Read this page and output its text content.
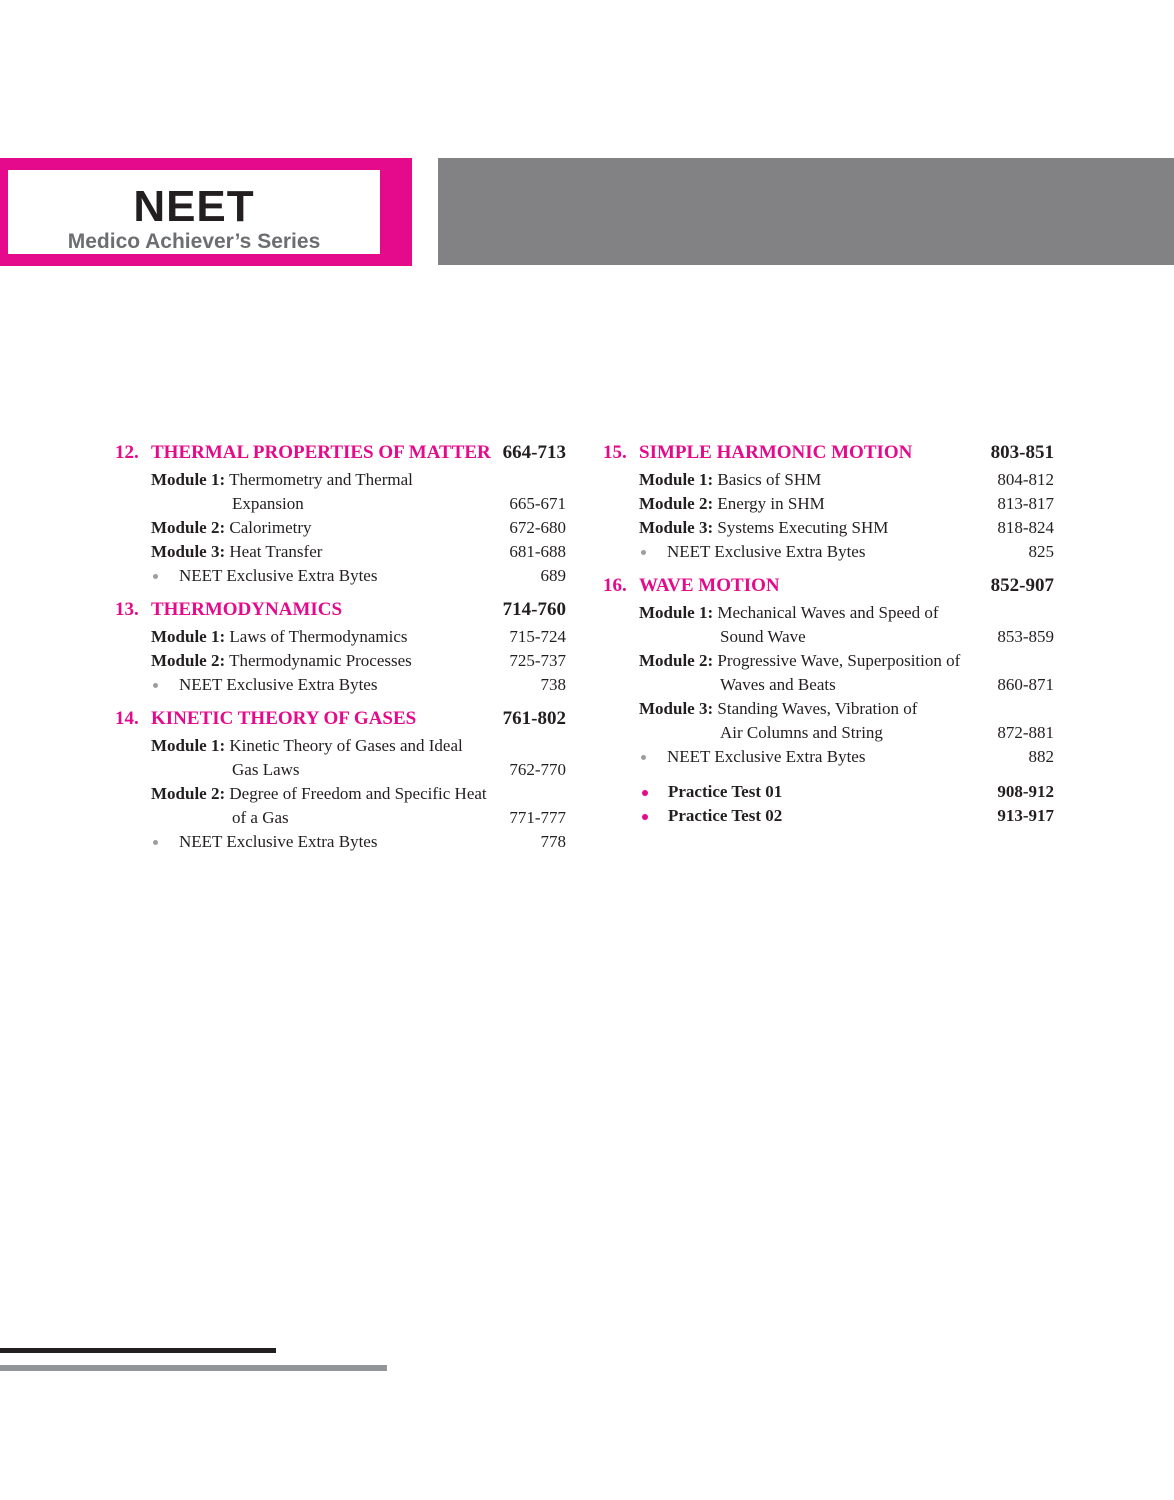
NEET
Medico Achiever’s Series
12. THERMAL PROPERTIES OF MATTER 664-713
Module 1: Thermometry and Thermal
Expansion	665-671
Module 2: Calorimetry	672-680
Module 3: Heat Transfer	681-688
NEET Exclusive Extra Bytes	689
13. THERMODYNAMICS	714-760
Module 1: Laws of Thermodynamics	715-724
Module 2: Thermodynamic Processes	725-737
NEET Exclusive Extra Bytes	738
14. KINETIC THEORY OF GASES	761-802
Module 1: Kinetic Theory of Gases and Ideal
Gas Laws	762-770
Module 2: Degree of Freedom and Specific Heat
of a Gas	771-777
NEET Exclusive Extra Bytes	778
15. SIMPLE HARMONIC MOTION	803-851
Module 1: Basics of SHM	804-812
Module 2: Energy in SHM	813-817
Module 3: Systems Executing SHM	818-824
NEET Exclusive Extra Bytes	825
16. WAVE MOTION	852-907
Module 1: Mechanical Waves and Speed of
Sound Wave	853-859
Module 2: Progressive Wave, Superposition of
Waves and Beats	860-871
Module 3: Standing Waves, Vibration of
Air Columns and String	872-881
NEET Exclusive Extra Bytes	882
Practice Test 01	908-912
Practice Test 02	913-917
